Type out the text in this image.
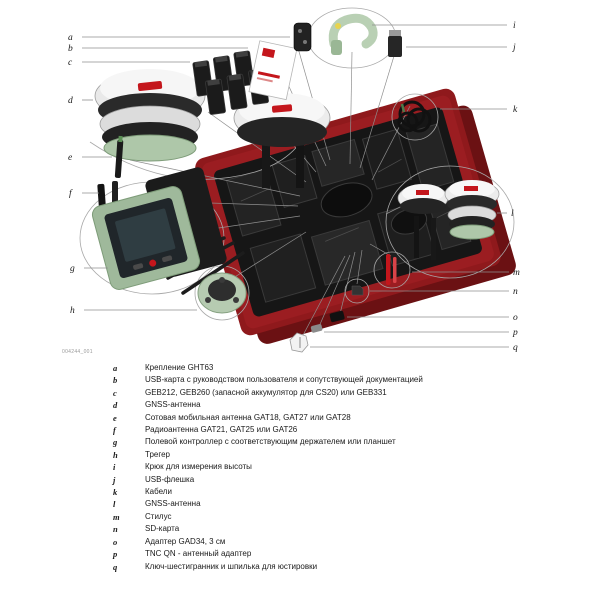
a
b
c
d
e
f
g
h
i
j
k
l
m
n
o
p
q
004244_001
a	Крепление GHT63
b	USB-карта с руководством пользователя и сопутствующей документацией
c	GEB212, GEB260 (запасной аккумулятор для CS20) или GEB331
d	GNSS-антенна
e	Сотовая мобильная антенна GAT18, GAT27 или GAT28
f	Радиоантенна GAT21, GAT25 или GAT26
g	Полевой контроллер с соответствующим держателем или планшет
h	Трегер
i	Крюк для измерения высоты
j	USB-флешка
k	Кабели
l	GNSS-антенна
m	Стилус
n	SD-карта
o	Адаптер GAD34, 3 см
p	TNC QN - антенный адаптер
q	Ключ-шестигранник и шпилька для юстировки
